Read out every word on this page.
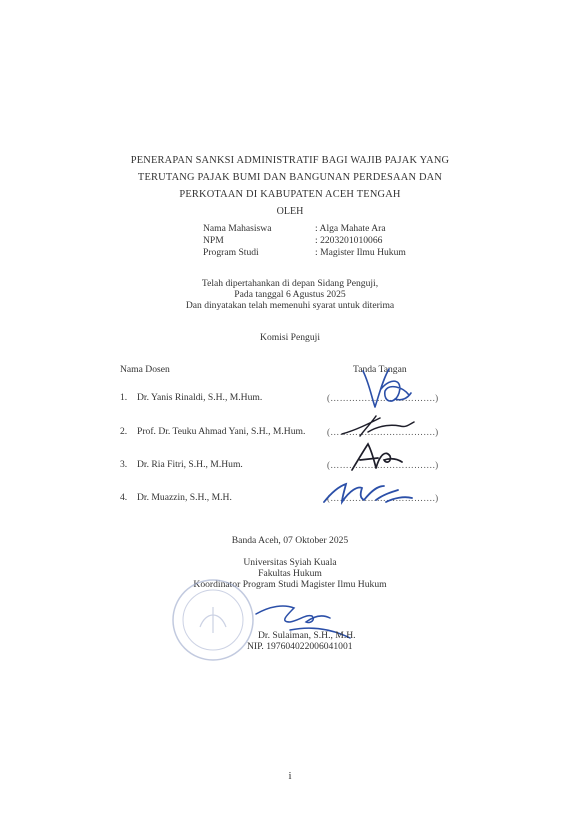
PENERAPAN SANKSI ADMINISTRATIF BAGI WAJIB PAJAK YANG
TERUTANG PAJAK BUMI DAN BANGUNAN PERDESAAN DAN
PERKOTAAN DI KABUPATEN ACEH TENGAH
OLEH
Nama Mahasiswa	: Alga Mahate Ara
NPM	: 2203201010066
Program Studi	: Magister Ilmu Hukum
Telah dipertahankan di depan Sidang Penguji,
Pada tanggal 6 Agustus 2025
Dan dinyatakan telah memenuhi syarat untuk diterima
Komisi Penguji
Nama Dosen	Tanda Tangan
1. Dr. Yanis Rinaldi, S.H., M.Hum.	(…………………………….)
2. Prof. Dr. Teuku Ahmad Yani, S.H., M.Hum. (…………………………….)
3. Dr. Ria Fitri, S.H., M.Hum.	(…………………………….)
4. Dr. Muazzin, S.H., M.H.	(…………………………….)
Banda Aceh, 07 Oktober 2025
Universitas Syiah Kuala
Fakultas Hukum
Koordinator Program Studi Magister Ilmu Hukum
Dr. Sulaiman, S.H., M.H.
NIP. 197604022006041001
i
